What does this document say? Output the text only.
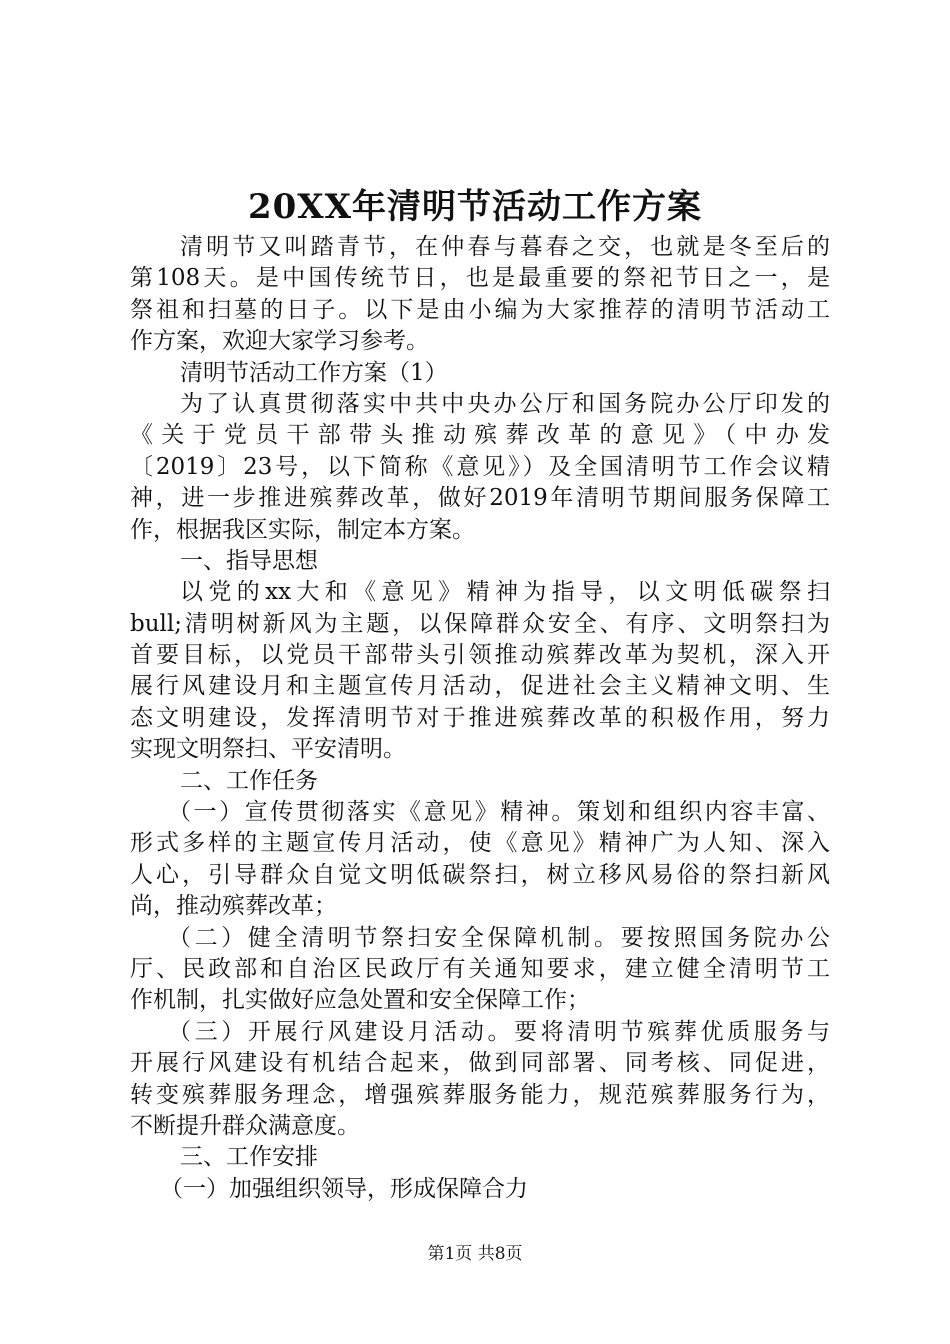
20XX年清明节活动工作方案
清明节又叫踏青节，在仲春与暮春之交，也就是冬至后的
第108天。是中国传统节日，也是最重要的祭祀节日之一，是
祭祖和扫墓的日子。以下是由小编为大家推荐的清明节活动工
作方案，欢迎大家学习参考。
清明节活动工作方案（1）
为了认真贯彻落实中共中央办公厅和国务院办公厅印发的
《关于党员干部带头推动殡葬改革的意见》（中办发
〔2019〕23号，以下简称《意见》）及全国清明节工作会议精
神，进一步推进殡葬改革，做好2019年清明节期间服务保障工
作，根据我区实际，制定本方案。
一、指导思想
以党的xx大和《意见》精神为指导，以文明低碳祭扫
bull;清明树新风为主题，以保障群众安全、有序、文明祭扫为
首要目标，以党员干部带头引领推动殡葬改革为契机，深入开
展行风建设月和主题宣传月活动，促进社会主义精神文明、生
态文明建设，发挥清明节对于推进殡葬改革的积极作用，努力
实现文明祭扫、平安清明。
二、工作任务
（一）宣传贯彻落实《意见》精神。策划和组织内容丰富、
形式多样的主题宣传月活动，使《意见》精神广为人知、深入
人心，引导群众自觉文明低碳祭扫，树立移风易俗的祭扫新风
尚，推动殡葬改革；
（二）健全清明节祭扫安全保障机制。要按照国务院办公
厅、民政部和自治区民政厅有关通知要求，建立健全清明节工
作机制，扎实做好应急处置和安全保障工作；
（三）开展行风建设月活动。要将清明节殡葬优质服务与
开展行风建设有机结合起来，做到同部署、同考核、同促进，
转变殡葬服务理念，增强殡葬服务能力，规范殡葬服务行为，
不断提升群众满意度。
三、工作安排
（一）加强组织领导，形成保障合力
第1页 共8页
